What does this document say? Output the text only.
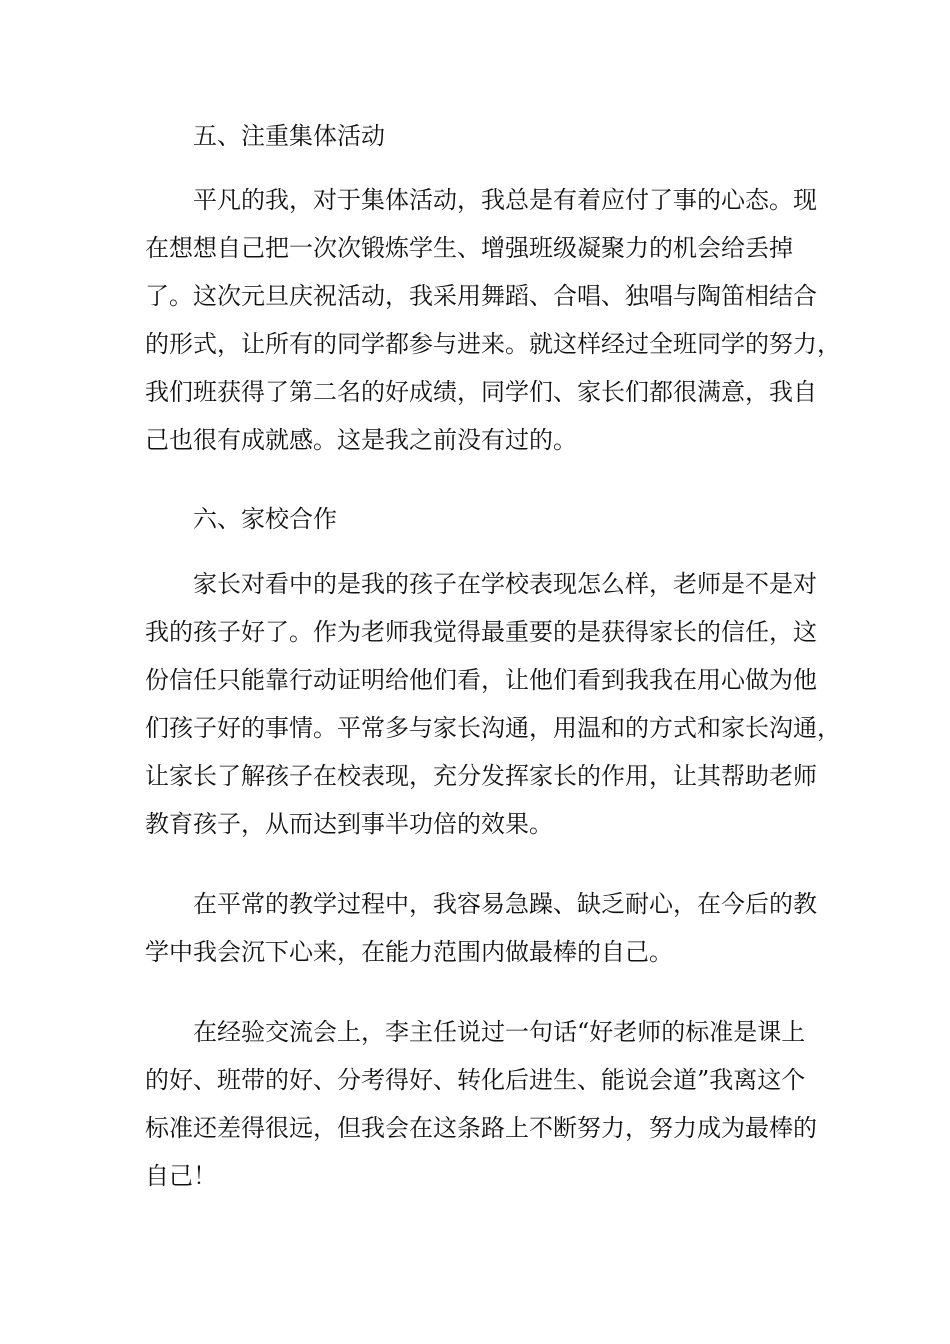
五、注重集体活动
平凡的我，对于集体活动，我总是有着应付了事的心态。现
在想想自己把一次次锻炼学生、增强班级凝聚力的机会给丢掉
了。这次元旦庆祝活动，我采用舞蹈、合唱、独唱与陶笛相结合
的形式，让所有的同学都参与进来。就这样经过全班同学的努力，
我们班获得了第二名的好成绩，同学们、家长们都很满意，我自
己也很有成就感。这是我之前没有过的。
六、家校合作
家长对看中的是我的孩子在学校表现怎么样，老师是不是对
我的孩子好了。作为老师我觉得最重要的是获得家长的信任，这
份信任只能靠行动证明给他们看，让他们看到我我在用心做为他
们孩子好的事情。平常多与家长沟通，用温和的方式和家长沟通，
让家长了解孩子在校表现，充分发挥家长的作用，让其帮助老师
教育孩子，从而达到事半功倍的效果。
在平常的教学过程中，我容易急躁、缺乏耐心，在今后的教
学中我会沉下心来，在能力范围内做最棒的自己。
在经验交流会上，李主任说过一句话“好老师的标准是课上
的好、班带的好、分考得好、转化后进生、能说会道”我离这个
标准还差得很远，但我会在这条路上不断努力，努力成为最棒的
自己！
